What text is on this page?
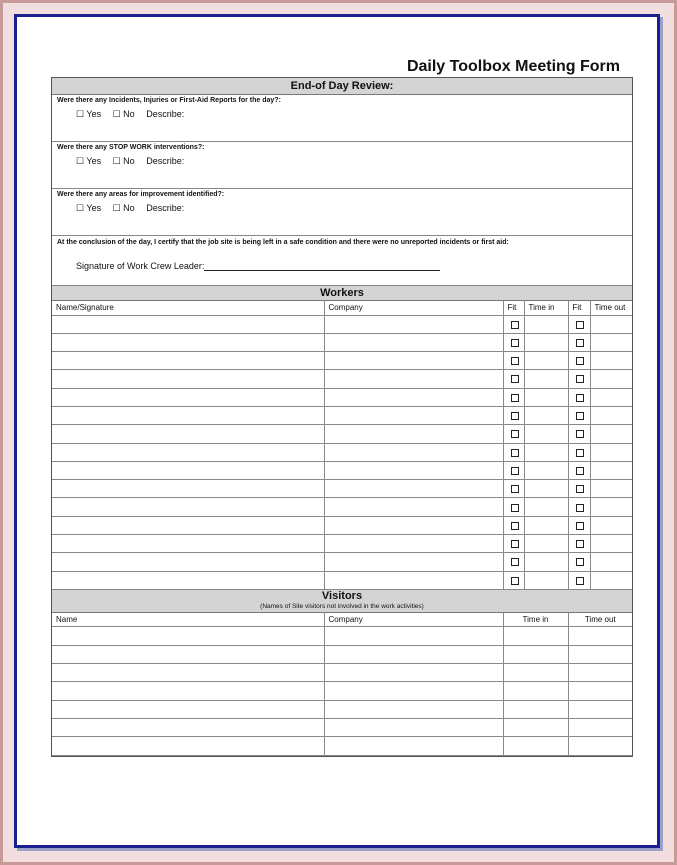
Daily Toolbox Meeting Form
End-of Day Review:
Were there any Incidents, Injuries or First-Aid Reports for the day?:
☐ Yes ☐ No Describe:
Were there any STOP WORK interventions?:
☐ Yes ☐ No Describe:
Were there any areas for improvement identified?:
☐ Yes ☐ No Describe:
At the conclusion of the day, I certify that the job site is being left in a safe condition and there were no unreported incidents or first aid:
Signature of Work Crew Leader:
Workers
Name/Signature	Company	Fit	Time in	Fit	Time out

Visitors
(Names of Site visitors not involved in the work activities)
Name	Company	Time in	Time out
